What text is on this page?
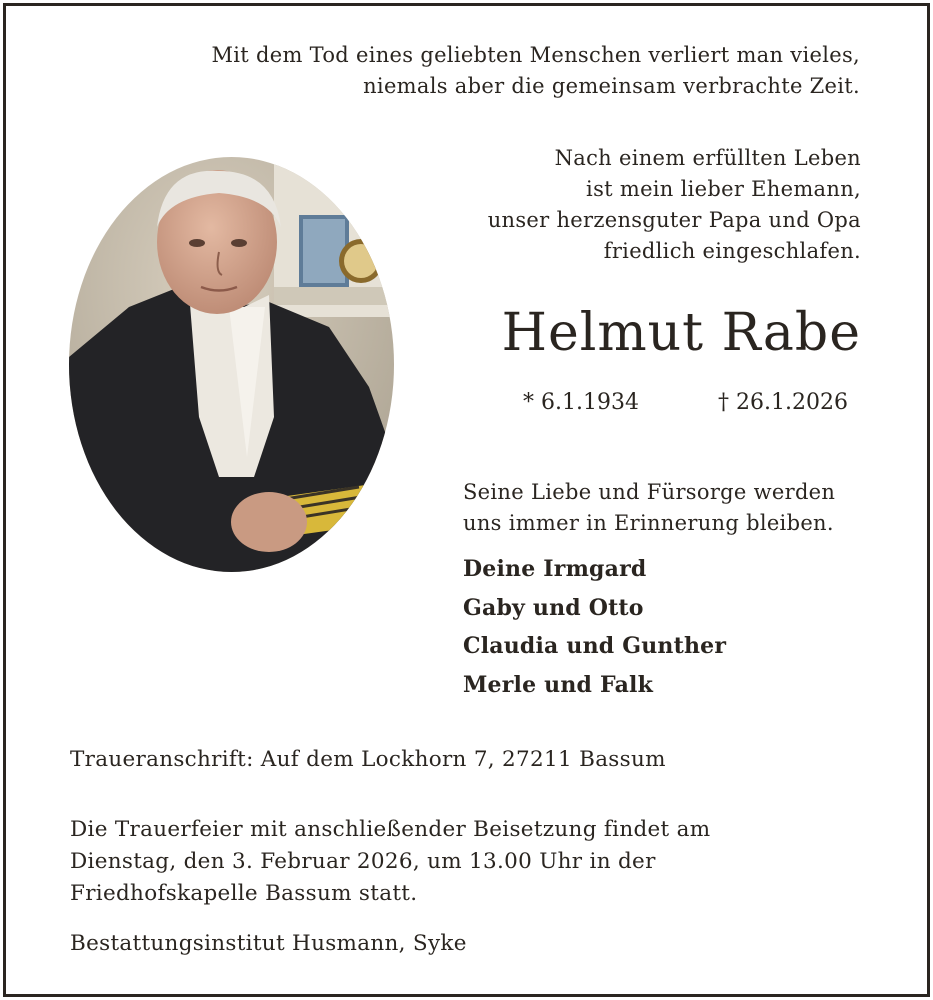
Mit dem Tod eines geliebten Menschen verliert man vieles,
niemals aber die gemeinsam verbrachte Zeit.
Nach einem erfüllten Leben
ist mein lieber Ehemann,
unser herzensguter Papa und Opa
friedlich eingeschlafen.
Helmut Rabe
* 6.1.1934	† 26.1.2026
Seine Liebe und Fürsorge werden
uns immer in Erinnerung bleiben.
Deine Irmgard
Gaby und Otto
Claudia und Gunther
Merle und Falk
Traueranschrift: Auf dem Lockhorn 7, 27211 Bassum
Die Trauerfeier mit anschließender Beisetzung findet am
Dienstag, den 3. Februar 2026, um 13.00 Uhr in der
Friedhofskapelle Bassum statt.
Bestattungsinstitut Husmann, Syke
